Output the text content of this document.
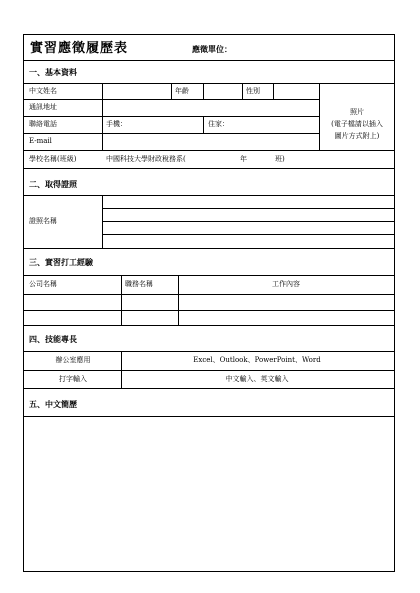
實習應徵履歷表	應徵單位：
一、基本資料
中文姓名	年齡	性別
通訊地址
聯絡電話	手機：	住家：
E-mail
學校名稱(班級)	中國科技大學財政稅務系(	年	班)
照片
(電子檔請以插入
圖片方式附上)
二、取得證照
證照名稱
三、實習打工經驗
公司名稱	職務名稱	工作內容
四、技能專長
辦公室應用	Excel、Outlook、PowerPoint、Word
打字輸入	中文輸入、英文輸入
五、中文簡歷
